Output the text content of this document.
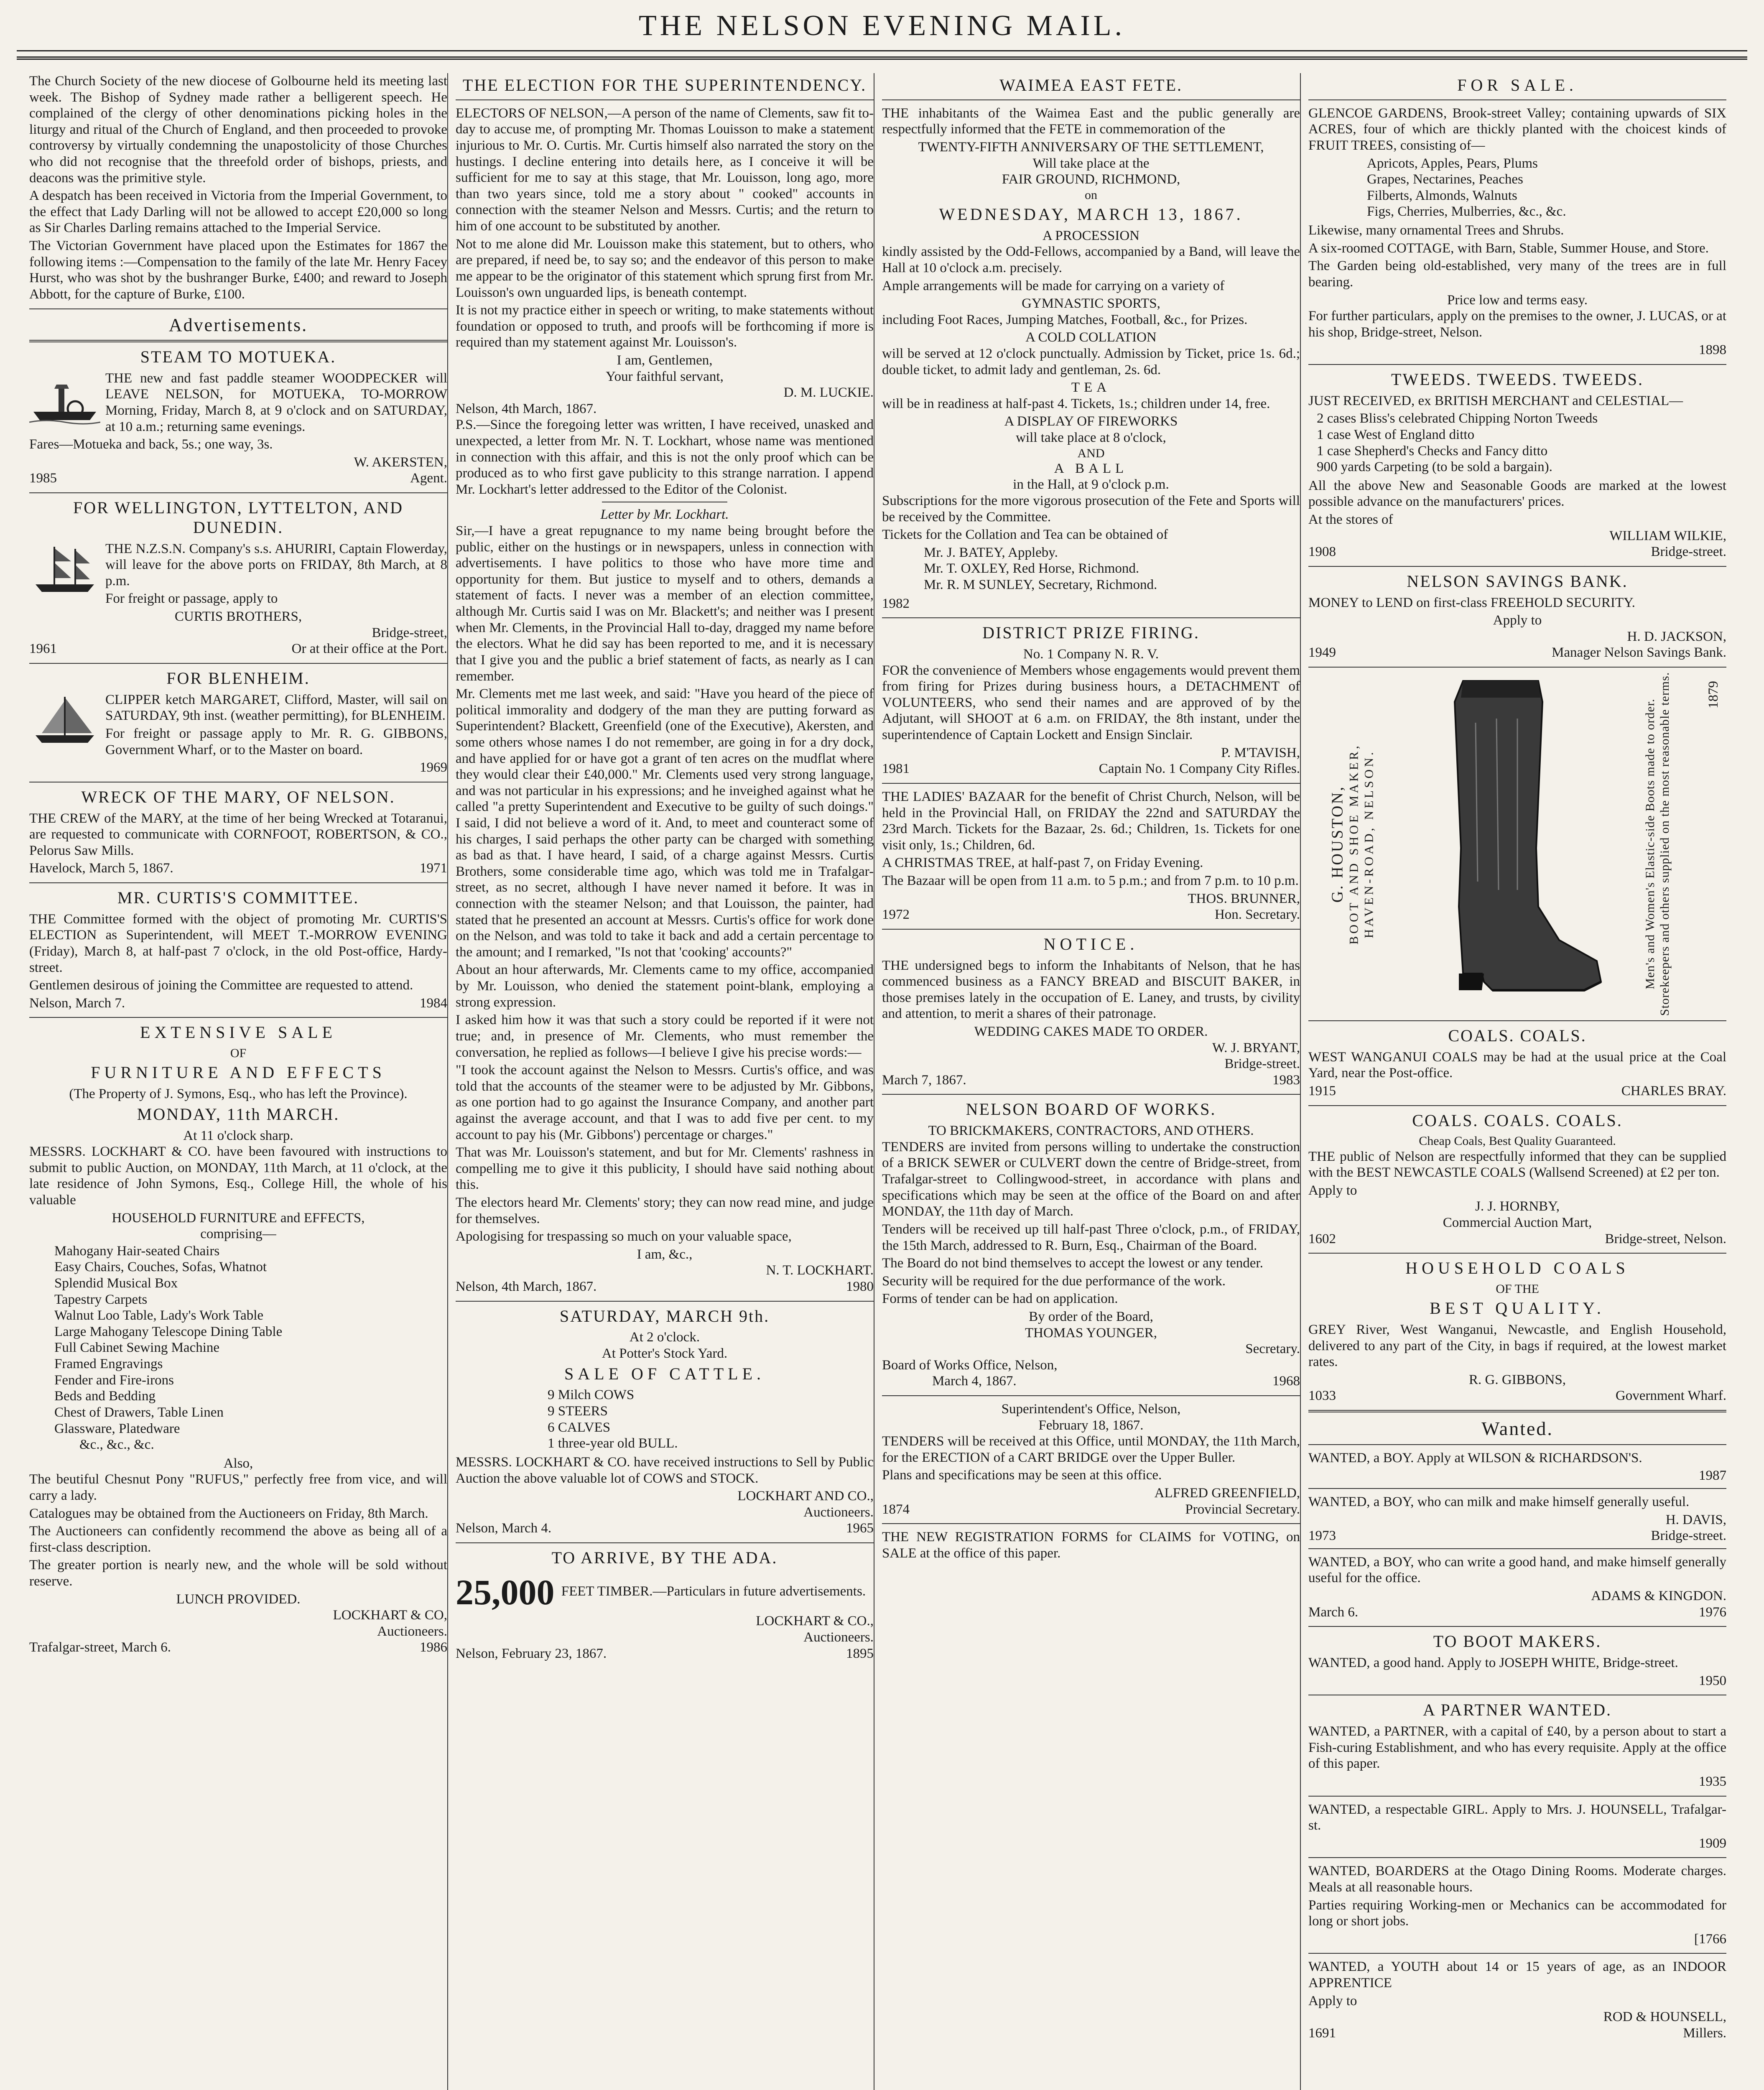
THE NELSON EVENING MAIL.

The Church Society of the new diocese of Golbourne held its meeting last week. The Bishop of Sydney made rather a belligerent speech. He complained of the clergy of other denominations picking holes in the liturgy and ritual of the Church of England, and then proceeded to provoke controversy by virtually condemning the unapostolicity of those Churches who did not recognise that the threefold order of bishops, priests, and deacons was the primitive style.

A despatch has been received in Victoria from the Imperial Government, to the effect that Lady Darling will not be allowed to accept £20,000 so long as Sir Charles Darling remains attached to the Imperial Service.

The Victorian Government have placed upon the Estimates for 1867 the following items :—Compensation to the family of the late Mr. Henry Facey Hurst, who was shot by the bushranger Burke, £400; and reward to Joseph Abbott, for the capture of Burke, £100.

Advertisements.
STEAM TO MOTUEKA.

THE new and fast paddle steamer WOODPECKER will LEAVE NELSON, for MOTUEKA, TO-MORROW Morning, Friday, March 8, at 9 o'clock and on SATURDAY, at 10 a.m.; returning same evenings.

Fares—Motueka and back, 5s.; one way, 3s.

W. AKERSTEN,
1985	Agent.
FOR WELLINGTON, LYTTELTON, AND DUNEDIN.

THE N.Z.S.N. Company's s.s. AHURIRI, Captain Flowerday, will leave for the above ports on FRIDAY, 8th March, at 8 p.m.

For freight or passage, apply to

CURTIS BROTHERS,
Bridge-street,
1961	Or at their office at the Port.
FOR BLENHEIM.

CLIPPER ketch MARGARET, Clifford, Master, will sail on SATURDAY, 9th inst. (weather permitting), for BLENHEIM.

For freight or passage apply to Mr. R. G. GIBBONS, Government Wharf, or to the Master on board.

1969
WRECK OF THE MARY, OF NELSON.

THE CREW of the MARY, at the time of her being Wrecked at Totaranui, are requested to communicate with CORNFOOT, ROBERTSON, & CO., Pelorus Saw Mills.

Havelock, March 5, 1867.	1971
MR. CURTIS'S COMMITTEE.

THE Committee formed with the object of promoting Mr. CURTIS'S ELECTION as Superintendent, will MEET T.-MORROW EVENING (Friday), March 8, at half-past 7 o'clock, in the old Post-office, Hardy-street.

Gentlemen desirous of joining the Committee are requested to attend.

Nelson, March 7.	1984
EXTENSIVE SALE
OF
FURNITURE AND EFFECTS
(The Property of J. Symons, Esq., who has left the Province).
MONDAY, 11th MARCH.
At 11 o'clock sharp.

MESSRS. LOCKHART & CO. have been favoured with instructions to submit to public Auction, on MONDAY, 11th March, at 11 o'clock, at the late residence of John Symons, Esq., College Hill, the whole of his valuable

HOUSEHOLD FURNITURE and EFFECTS,
comprising—
Mahogany Hair-seated Chairs
Easy Chairs, Couches, Sofas, Whatnot
Splendid Musical Box
Tapestry Carpets
Walnut Loo Table, Lady's Work Table
Large Mahogany Telescope Dining Table
Full Cabinet Sewing Machine
Framed Engravings
Fender and Fire-irons
Beds and Bedding
Chest of Drawers, Table Linen
Glassware, Platedware
&c., &c., &c.
Also,

The beutiful Chesnut Pony "RUFUS," perfectly free from vice, and will carry a lady.

Catalogues may be obtained from the Auctioneers on Friday, 8th March.

The Auctioneers can confidently recommend the above as being all of a first-class description.

The greater portion is nearly new, and the whole will be sold without reserve.

LUNCH PROVIDED.
LOCKHART & CO,
Auctioneers.
Trafalgar-street, March 6.	1986
THE ELECTION FOR THE SUPERINTENDENCY.

ELECTORS OF NELSON,—A person of the name of Clements, saw fit to-day to accuse me, of prompting Mr. Thomas Louisson to make a statement injurious to Mr. O. Curtis. Mr. Curtis himself also narrated the story on the hustings. I decline entering into details here, as I conceive it will be sufficient for me to say at this stage, that Mr. Louisson, long ago, more than two years since, told me a story about " cooked" accounts in connection with the steamer Nelson and Messrs. Curtis; and the return to him of one account to be substituted by another.

Not to me alone did Mr. Louisson make this statement, but to others, who are prepared, if need be, to say so; and the endeavor of this person to make me appear to be the originator of this statement which sprung first from Mr. Louisson's own unguarded lips, is beneath contempt.

It is not my practice either in speech or writing, to make statements without foundation or opposed to truth, and proofs will be forthcoming if more is required than my statement against Mr. Louisson's.

I am, Gentlemen,
Your faithful servant,
D. M. LUCKIE.
Nelson, 4th March, 1867.

P.S.—Since the foregoing letter was written, I have received, unasked and unexpected, a letter from Mr. N. T. Lockhart, whose name was mentioned in connection with this affair, and this is not the only proof which can be produced as to who first gave publicity to this strange narration. I append Mr. Lockhart's letter addressed to the Editor of the Colonist.

Letter by Mr. Lockhart.

Sir,—I have a great repugnance to my name being brought before the public, either on the hustings or in newspapers, unless in connection with advertisements. I have politics to those who have more time and opportunity for them. But justice to myself and to others, demands a statement of facts. I never was a member of an election committee, although Mr. Curtis said I was on Mr. Blackett's; and neither was I present when Mr. Clements, in the Provincial Hall to-day, dragged my name before the electors. What he did say has been reported to me, and it is necessary that I give you and the public a brief statement of facts, as nearly as I can remember.

Mr. Clements met me last week, and said: "Have you heard of the piece of political immorality and dodgery of the man they are putting forward as Superintendent? Blackett, Greenfield (one of the Executive), Akersten, and some others whose names I do not remember, are going in for a dry dock, and have applied for or have got a grant of ten acres on the mudflat where they would clear their £40,000." Mr. Clements used very strong language, and was not particular in his expressions; and he inveighed against what he called "a pretty Superintendent and Executive to be guilty of such doings." I said, I did not believe a word of it. And, to meet and counteract some of his charges, I said perhaps the other party can be charged with something as bad as that. I have heard, I said, of a charge against Messrs. Curtis Brothers, some considerable time ago, which was told me in Trafalgar-street, as no secret, although I have never named it before. It was in connection with the steamer Nelson; and that Louisson, the painter, had stated that he presented an account at Messrs. Curtis's office for work done on the Nelson, and was told to take it back and add a certain percentage to the amount; and I remarked, "Is not that 'cooking' accounts?"

About an hour afterwards, Mr. Clements came to my office, accompanied by Mr. Louisson, who denied the statement point-blank, employing a strong expression.

I asked him how it was that such a story could be reported if it were not true; and, in presence of Mr. Clements, who must remember the conversation, he replied as follows—I believe I give his precise words:—

"I took the account against the Nelson to Messrs. Curtis's office, and was told that the accounts of the steamer were to be adjusted by Mr. Gibbons, as one portion had to go against the Insurance Company, and another part against the average account, and that I was to add five per cent. to my account to pay his (Mr. Gibbons') percentage or charges."

That was Mr. Louisson's statement, and but for Mr. Clements' rashness in compelling me to give it this publicity, I should have said nothing about this.

The electors heard Mr. Clements' story; they can now read mine, and judge for themselves.

Apologising for trespassing so much on your valuable space,

I am, &c.,
N. T. LOCKHART.
Nelson, 4th March, 1867.	1980
SATURDAY, MARCH 9th.
At 2 o'clock.
At Potter's Stock Yard.
SALE OF CATTLE.
9 Milch COWS
9 STEERS
6 CALVES
1 three-year old BULL.

MESSRS. LOCKHART & CO. have received instructions to Sell by Public Auction the above valuable lot of COWS and STOCK.

LOCKHART AND CO.,
Auctioneers.
Nelson, March 4.	1965
TO ARRIVE, BY THE ADA.
25,000 FEET TIMBER.—Particulars in future advertisements.
LOCKHART & CO.,
Auctioneers.
Nelson, February 23, 1867.	1895
WAIMEA EAST FETE.

THE inhabitants of the Waimea East and the public generally are respectfully informed that the FETE in commemoration of the

TWENTY-FIFTH ANNIVERSARY OF THE SETTLEMENT,
Will take place at the
FAIR GROUND, RICHMOND,
on
WEDNESDAY, MARCH 13, 1867.
A PROCESSION

kindly assisted by the Odd-Fellows, accompanied by a Band, will leave the Hall at 10 o'clock a.m. precisely.

Ample arrangements will be made for carrying on a variety of

GYMNASTIC SPORTS,

including Foot Races, Jumping Matches, Football, &c., for Prizes.

A COLD COLLATION

will be served at 12 o'clock punctually. Admission by Ticket, price 1s. 6d.; double ticket, to admit lady and gentleman, 2s. 6d.

TEA

will be in readiness at half-past 4. Tickets, 1s.; children under 14, free.

A DISPLAY OF FIREWORKS
will take place at 8 o'clock,
AND
A BALL
in the Hall, at 9 o'clock p.m.

Subscriptions for the more vigorous prosecution of the Fete and Sports will be received by the Committee.

Tickets for the Collation and Tea can be obtained of

Mr. J. BATEY, Appleby.
Mr. T. OXLEY, Red Horse, Richmond.
Mr. R. M SUNLEY, Secretary, Richmond.
1982
DISTRICT PRIZE FIRING.
No. 1 Company N. R. V.

FOR the convenience of Members whose engagements would prevent them from firing for Prizes during business hours, a DETACHMENT of VOLUNTEERS, who send their names and are approved of by the Adjutant, will SHOOT at 6 a.m. on FRIDAY, the 8th instant, under the superintendence of Captain Lockett and Ensign Sinclair.

P. M'TAVISH,
1981	Captain No. 1 Company City Rifles.

THE LADIES' BAZAAR for the benefit of Christ Church, Nelson, will be held in the Provincial Hall, on FRIDAY the 22nd and SATURDAY the 23rd March. Tickets for the Bazaar, 2s. 6d.; Children, 1s. Tickets for one visit only, 1s.; Children, 6d.

A CHRISTMAS TREE, at half-past 7, on Friday Evening.

The Bazaar will be open from 11 a.m. to 5 p.m.; and from 7 p.m. to 10 p.m.

THOS. BRUNNER,
1972	Hon. Secretary.
NOTICE.

THE undersigned begs to inform the Inhabitants of Nelson, that he has commenced business as a FANCY BREAD and BISCUIT BAKER, in those premises lately in the occupation of E. Laney, and trusts, by civility and attention, to merit a shares of their patronage.

WEDDING CAKES MADE TO ORDER.
W. J. BRYANT,
Bridge-street.
March 7, 1867.	1983
NELSON BOARD OF WORKS.
TO BRICKMAKERS, CONTRACTORS, AND OTHERS.

TENDERS are invited from persons willing to undertake the construction of a BRICK SEWER or CULVERT down the centre of Bridge-street, from Trafalgar-street to Collingwood-street, in accordance with plans and specifications which may be seen at the office of the Board on and after MONDAY, the 11th day of March.

Tenders will be received up till half-past Three o'clock, p.m., of FRIDAY, the 15th March, addressed to R. Burn, Esq., Chairman of the Board.

The Board do not bind themselves to accept the lowest or any tender.

Security will be required for the due performance of the work.

Forms of tender can be had on application.

By order of the Board,
THOMAS YOUNGER,
Secretary.
Board of Works Office, Nelson,
March 4, 1867.	1968
Superintendent's Office, Nelson,
February 18, 1867.

TENDERS will be received at this Office, until MONDAY, the 11th March, for the ERECTION of a CART BRIDGE over the Upper Buller.

Plans and specifications may be seen at this office.

ALFRED GREENFIELD,
1874	Provincial Secretary.

THE NEW REGISTRATION FORMS for CLAIMS for VOTING, on SALE at the office of this paper.

FOR SALE.

GLENCOE GARDENS, Brook-street Valley; containing upwards of SIX ACRES, four of which are thickly planted with the choicest kinds of FRUIT TREES, consisting of—

Apricots, Apples, Pears, Plums
Grapes, Nectarines, Peaches
Filberts, Almonds, Walnuts
Figs, Cherries, Mulberries, &c., &c.

Likewise, many ornamental Trees and Shrubs.

A six-roomed COTTAGE, with Barn, Stable, Summer House, and Store.

The Garden being old-established, very many of the trees are in full bearing.

Price low and terms easy.

For further particulars, apply on the premises to the owner, J. LUCAS, or at his shop, Bridge-street, Nelson.

1898
TWEEDS. TWEEDS. TWEEDS.

JUST RECEIVED, ex BRITISH MERCHANT and CELESTIAL—

2 cases Bliss's celebrated Chipping Norton Tweeds
1 case West of England ditto
1 case Shepherd's Checks and Fancy ditto
900 yards Carpeting (to be sold a bargain).

All the above New and Seasonable Goods are marked at the lowest possible advance on the manufacturers' prices.

At the stores of
WILLIAM WILKIE,
1908	Bridge-street.
NELSON SAVINGS BANK.

MONEY to LEND on first-class FREEHOLD SECURITY.

Apply to
H. D. JACKSON,
1949	Manager Nelson Savings Bank.
G. HOUSTON, BOOT AND SHOE MAKER, HAVEN-ROAD, NELSON.	Men's and Women's Elastic-side Boots made to order. Storekeepers and others supplied on the most reasonable terms. 1879
COALS. COALS.

WEST WANGANUI COALS may be had at the usual price at the Coal Yard, near the Post-office.

1915	CHARLES BRAY.
COALS. COALS. COALS.
Cheap Coals, Best Quality Guaranteed.

THE public of Nelson are respectfully informed that they can be supplied with the BEST NEWCASTLE COALS (Wallsend Screened) at £2 per ton.

Apply to
J. J. HORNBY,
Commercial Auction Mart,
1602	Bridge-street, Nelson.
HOUSEHOLD COALS
OF THE
BEST QUALITY.

GREY River, West Wanganui, Newcastle, and English Household, delivered to any part of the City, in bags if required, at the lowest market rates.

R. G. GIBBONS,
1033	Government Wharf.
Wanted.

WANTED, a BOY. Apply at WILSON & RICHARDSON'S.

1987

WANTED, a BOY, who can milk and make himself generally useful.

H. DAVIS,
1973	Bridge-street.

WANTED, a BOY, who can write a good hand, and make himself generally useful for the office.

ADAMS & KINGDON.
March 6.	1976
TO BOOT MAKERS.

WANTED, a good hand. Apply to JOSEPH WHITE, Bridge-street.

1950
A PARTNER WANTED.

WANTED, a PARTNER, with a capital of £40, by a person about to start a Fish-curing Establishment, and who has every requisite. Apply at the office of this paper.

1935

WANTED, a respectable GIRL. Apply to Mrs. J. HOUNSELL, Trafalgar-st.

1909

WANTED, BOARDERS at the Otago Dining Rooms. Moderate charges. Meals at all reasonable hours.

Parties requiring Working-men or Mechanics can be accommodated for long or short jobs.

[1766

WANTED, a YOUTH about 14 or 15 years of age, as an INDOOR APPRENTICE

Apply to
ROD & HOUNSELL,
1691	Millers.
